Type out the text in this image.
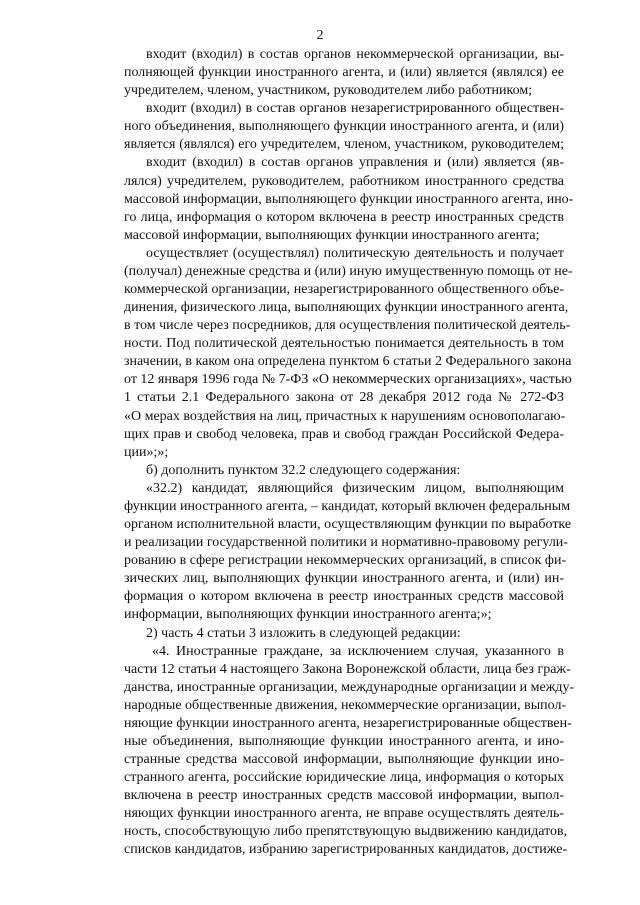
2
входит (входил) в состав органов некоммерческой организации, вы-
полняющей функции иностранного агента, и (или) является (являлся) ее
учредителем, членом, участником, руководителем либо работником;
входит (входил) в состав органов незарегистрированного обществен-
ного объединения, выполняющего функции иностранного агента, и (или)
является (являлся) его учредителем, членом, участником, руководителем;
входит (входил) в состав органов управления и (или) является (яв-
лялся) учредителем, руководителем, работником иностранного средства
массовой информации, выполняющего функции иностранного агента, ино-
го лица, информация о котором включена в реестр иностранных средств
массовой информации, выполняющих функции иностранного агента;
осуществляет (осуществлял) политическую деятельность и получает
(получал) денежные средства и (или) иную имущественную помощь от не-
коммерческой организации, незарегистрированного общественного объе-
динения, физического лица, выполняющих функции иностранного агента,
в том числе через посредников, для осуществления политической деятель-
ности. Под политической деятельностью понимается деятельность в том
значении, в каком она определена пунктом 6 статьи 2 Федерального закона
от 12 января 1996 года № 7-ФЗ «О некоммерческих организациях», частью
1 статьи 2.1 Федерального закона от 28 декабря 2012 года № 272-ФЗ
«О мерах воздействия на лиц, причастных к нарушениям основополагаю-
щих прав и свобод человека, прав и свобод граждан Российской Федера-
ции»;»;
б) дополнить пунктом 32.2 следующего содержания:
«32.2) кандидат, являющийся физическим лицом, выполняющим
функции иностранного агента, – кандидат, который включен федеральным
органом исполнительной власти, осуществляющим функции по выработке
и реализации государственной политики и нормативно-правовому регули-
рованию в сфере регистрации некоммерческих организаций, в список фи-
зических лиц, выполняющих функции иностранного агента, и (или) ин-
формация о котором включена в реестр иностранных средств массовой
информации, выполняющих функции иностранного агента;»;
2) часть 4 статьи 3 изложить в следующей редакции:
«4. Иностранные граждане, за исключением случая, указанного в
части 12 статьи 4 настоящего Закона Воронежской области, лица без граж-
данства, иностранные организации, международные организации и между-
народные общественные движения, некоммерческие организации, выпол-
няющие функции иностранного агента, незарегистрированные обществен-
ные объединения, выполняющие функции иностранного агента, и ино-
странные средства массовой информации, выполняющие функции ино-
странного агента, российские юридические лица, информация о которых
включена в реестр иностранных средств массовой информации, выпол-
няющих функции иностранного агента, не вправе осуществлять деятель-
ность, способствующую либо препятствующую выдвижению кандидатов,
списков кандидатов, избранию зарегистрированных кандидатов, достиже-
